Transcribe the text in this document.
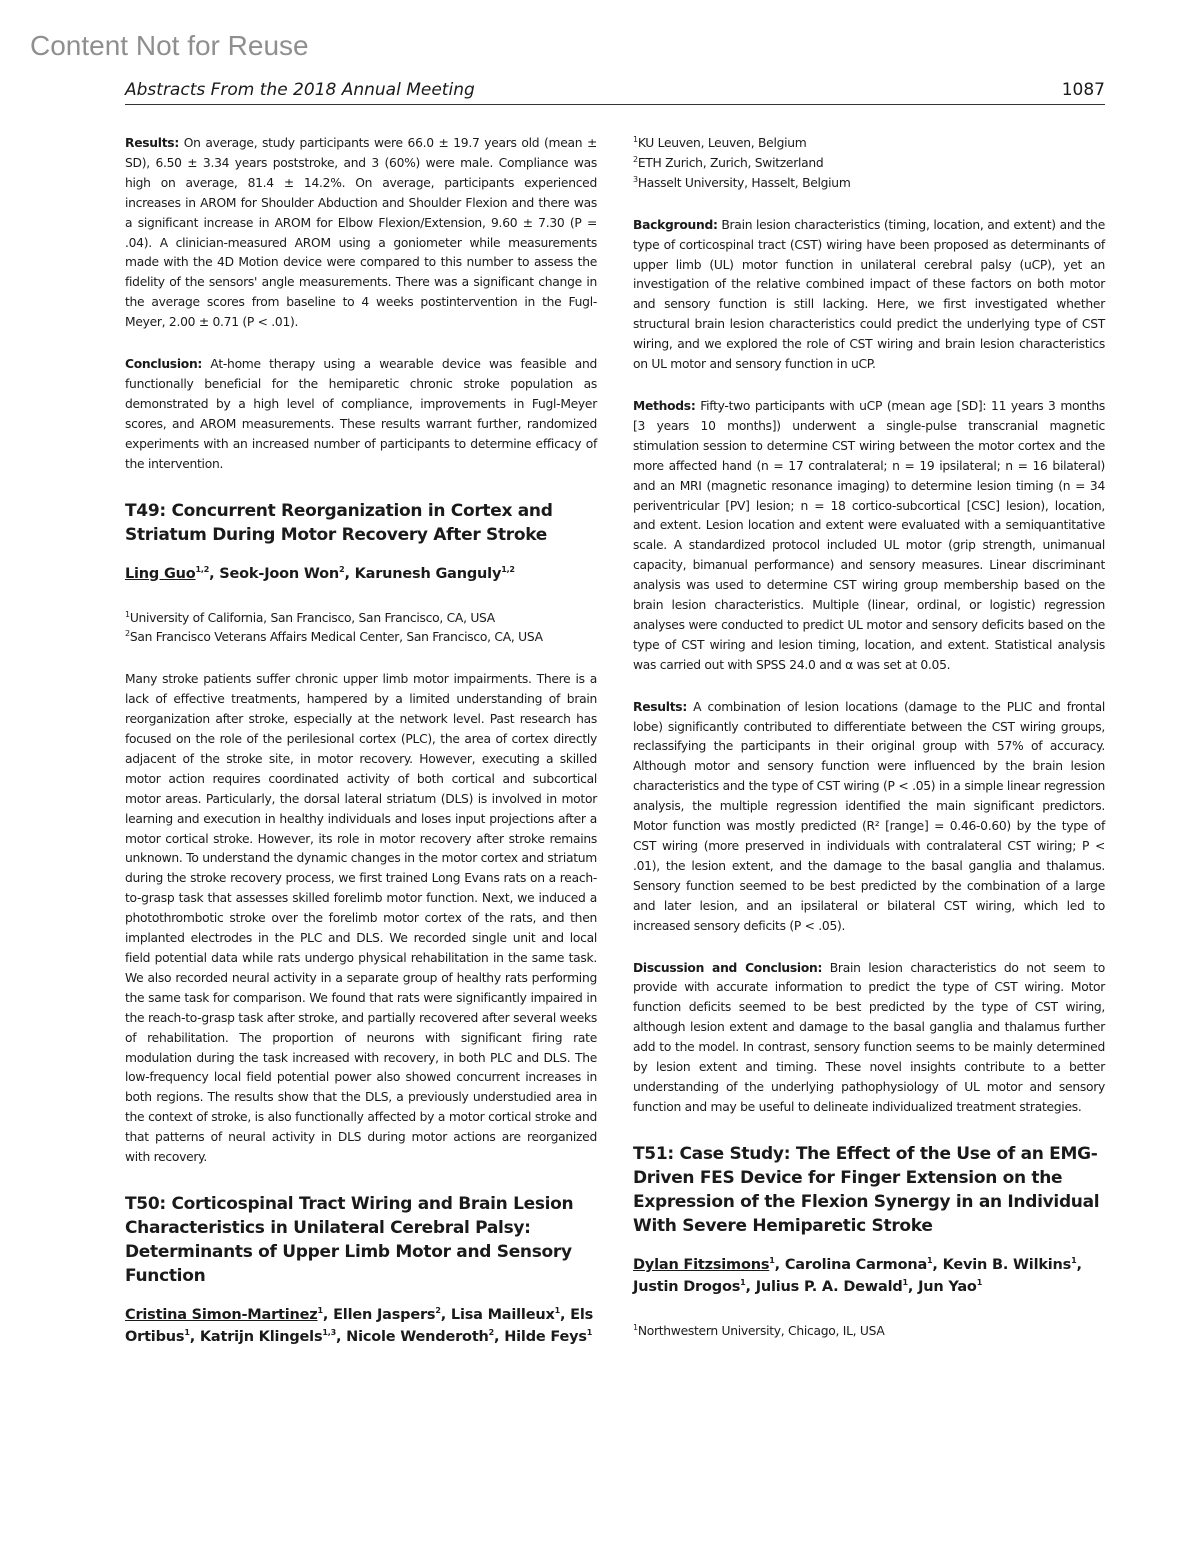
Content Not for Reuse
Abstracts From the 2018 Annual Meeting	1087

Results: On average, study participants were 66.0 ± 19.7 years old (mean ± SD), 6.50 ± 3.34 years poststroke, and 3 (60%) were male. Compliance was high on average, 81.4 ± 14.2%. On average, participants experienced increases in AROM for Shoulder Abduction and Shoulder Flexion and there was a significant increase in AROM for Elbow Flexion/Extension, 9.60 ± 7.30 (P = .04). A clinician-measured AROM using a goniometer while measurements made with the 4D Motion device were compared to this number to assess the fidelity of the sensors' angle measurements. There was a significant change in the average scores from baseline to 4 weeks postintervention in the Fugl-Meyer, 2.00 ± 0.71 (P < .01).

Conclusion: At-home therapy using a wearable device was feasible and functionally beneficial for the hemiparetic chronic stroke population as demonstrated by a high level of compliance, improvements in Fugl-Meyer scores, and AROM measurements. These results warrant further, randomized experiments with an increased number of participants to determine efficacy of the intervention.

T49: Concurrent Reorganization in Cortex and Striatum During Motor Recovery After Stroke
Ling Guo$^{1,2}$, Seok-Joon Won$^2$, Karunesh Ganguly$^{1,2}$
$^1$University of California, San Francisco, San Francisco, CA, USA
$^2$San Francisco Veterans Affairs Medical Center, San Francisco, CA, USA

Many stroke patients suffer chronic upper limb motor impairments. There is a lack of effective treatments, hampered by a limited understanding of brain reorganization after stroke, especially at the network level. Past research has focused on the role of the perilesional cortex (PLC), the area of cortex directly adjacent of the stroke site, in motor recovery. However, executing a skilled motor action requires coordinated activity of both cortical and subcortical motor areas. Particularly, the dorsal lateral striatum (DLS) is involved in motor learning and execution in healthy individuals and loses input projections after a motor cortical stroke. However, its role in motor recovery after stroke remains unknown. To understand the dynamic changes in the motor cortex and striatum during the stroke recovery process, we first trained Long Evans rats on a reach-to-grasp task that assesses skilled forelimb motor function. Next, we induced a photothrombotic stroke over the forelimb motor cortex of the rats, and then implanted electrodes in the PLC and DLS. We recorded single unit and local field potential data while rats undergo physical rehabilitation in the same task. We also recorded neural activity in a separate group of healthy rats performing the same task for comparison. We found that rats were significantly impaired in the reach-to-grasp task after stroke, and partially recovered after several weeks of rehabilitation. The proportion of neurons with significant firing rate modulation during the task increased with recovery, in both PLC and DLS. The low-frequency local field potential power also showed concurrent increases in both regions. The results show that the DLS, a previously understudied area in the context of stroke, is also functionally affected by a motor cortical stroke and that patterns of neural activity in DLS during motor actions are reorganized with recovery.

T50: Corticospinal Tract Wiring and Brain Lesion Characteristics in Unilateral Cerebral Palsy: Determinants of Upper Limb Motor and Sensory Function
Cristina Simon-Martinez$^1$, Ellen Jaspers$^2$, Lisa Mailleux$^1$, Els Ortibus$^1$, Katrijn Klingels$^{1,3}$, Nicole Wenderoth$^2$, Hilde Feys$^1$
$^1$KU Leuven, Leuven, Belgium
$^2$ETH Zurich, Zurich, Switzerland
$^3$Hasselt University, Hasselt, Belgium

Background: Brain lesion characteristics (timing, location, and extent) and the type of corticospinal tract (CST) wiring have been proposed as determinants of upper limb (UL) motor function in unilateral cerebral palsy (uCP), yet an investigation of the relative combined impact of these factors on both motor and sensory function is still lacking. Here, we first investigated whether structural brain lesion characteristics could predict the underlying type of CST wiring, and we explored the role of CST wiring and brain lesion characteristics on UL motor and sensory function in uCP.

Methods: Fifty-two participants with uCP (mean age [SD]: 11 years 3 months [3 years 10 months]) underwent a single-pulse transcranial magnetic stimulation session to determine CST wiring between the motor cortex and the more affected hand (n = 17 contralateral; n = 19 ipsilateral; n = 16 bilateral) and an MRI (magnetic resonance imaging) to determine lesion timing (n = 34 periventricular [PV] lesion; n = 18 cortico-subcortical [CSC] lesion), location, and extent. Lesion location and extent were evaluated with a semiquantitative scale. A standardized protocol included UL motor (grip strength, unimanual capacity, bimanual performance) and sensory measures. Linear discriminant analysis was used to determine CST wiring group membership based on the brain lesion characteristics. Multiple (linear, ordinal, or logistic) regression analyses were conducted to predict UL motor and sensory deficits based on the type of CST wiring and lesion timing, location, and extent. Statistical analysis was carried out with SPSS 24.0 and α was set at 0.05.

Results: A combination of lesion locations (damage to the PLIC and frontal lobe) significantly contributed to differentiate between the CST wiring groups, reclassifying the participants in their original group with 57% of accuracy. Although motor and sensory function were influenced by the brain lesion characteristics and the type of CST wiring (P < .05) in a simple linear regression analysis, the multiple regression identified the main significant predictors. Motor function was mostly predicted (R² [range] = 0.46-0.60) by the type of CST wiring (more preserved in individuals with contralateral CST wiring; P < .01), the lesion extent, and the damage to the basal ganglia and thalamus. Sensory function seemed to be best predicted by the combination of a large and later lesion, and an ipsilateral or bilateral CST wiring, which led to increased sensory deficits (P < .05).

Discussion and Conclusion: Brain lesion characteristics do not seem to provide with accurate information to predict the type of CST wiring. Motor function deficits seemed to be best predicted by the type of CST wiring, although lesion extent and damage to the basal ganglia and thalamus further add to the model. In contrast, sensory function seems to be mainly determined by lesion extent and timing. These novel insights contribute to a better understanding of the underlying pathophysiology of UL motor and sensory function and may be useful to delineate individualized treatment strategies.

T51: Case Study: The Effect of the Use of an EMG-Driven FES Device for Finger Extension on the Expression of the Flexion Synergy in an Individual With Severe Hemiparetic Stroke
Dylan Fitzsimons$^1$, Carolina Carmona$^1$, Kevin B. Wilkins$^1$, Justin Drogos$^1$, Julius P. A. Dewald$^1$, Jun Yao$^1$
$^1$Northwestern University, Chicago, IL, USA
